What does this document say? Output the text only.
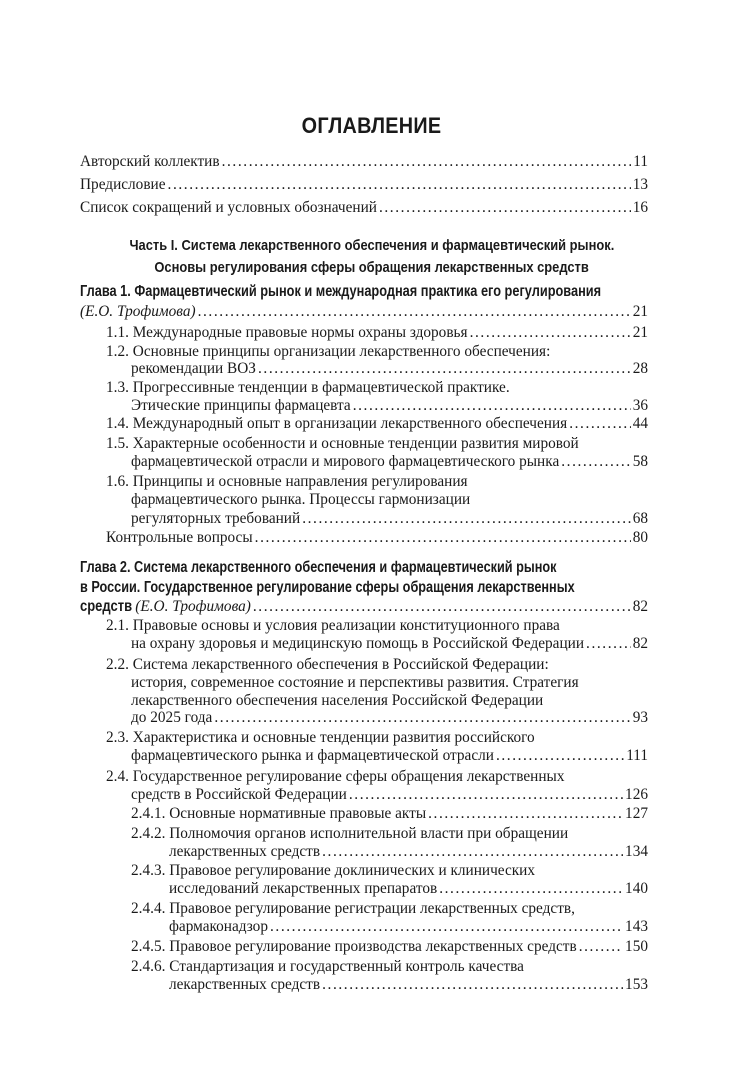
ОГЛАВЛЕНИЕ
Авторский коллектив .....	11
Предисловие .....	13
Список сокращений и условных обозначений .....	16
Часть I. Система лекарственного обеспечения и фармацевтический рынок.
Основы регулирования сферы обращения лекарственных средств
Глава 1. Фармацевтический рынок и международная практика его регулирования
(Е.О. Трофимова) .....	21
1.1. Международные правовые нормы охраны здоровья .....	21
1.2. Основные принципы организации лекарственного обеспечения:
рекомендации ВОЗ .....	28
1.3. Прогрессивные тенденции в фармацевтической практике.
Этические принципы фармацевта .....	36
1.4. Международный опыт в организации лекарственного обеспечения .....	44
1.5. Характерные особенности и основные тенденции развития мировой
фармацевтической отрасли и мирового фармацевтического рынка .....	58
1.6. Принципы и основные направления регулирования
фармацевтического рынка. Процессы гармонизации
регуляторных требований .....	68
Контрольные вопросы .....	80
Глава 2. Система лекарственного обеспечения и фармацевтический рынок
в России. Государственное регулирование сферы обращения лекарственных
средств (Е.О. Трофимова) .....	82
2.1. Правовые основы и условия реализации конституционного права
на охрану здоровья и медицинскую помощь в Российской Федерации .....	82
2.2. Система лекарственного обеспечения в Российской Федерации:
история, современное состояние и перспективы развития. Стратегия
лекарственного обеспечения населения Российской Федерации
до 2025 года .....	93
2.3. Характеристика и основные тенденции развития российского
фармацевтического рынка и фармацевтической отрасли .....	111
2.4. Государственное регулирование сферы обращения лекарственных
средств в Российской Федерации .....	126
2.4.1. Основные нормативные правовые акты .....	127
2.4.2. Полномочия органов исполнительной власти при обращении
лекарственных средств .....	134
2.4.3. Правовое регулирование доклинических и клинических
исследований лекарственных препаратов .....	140
2.4.4. Правовое регулирование регистрации лекарственных средств,
фармаконадзор .....	143
2.4.5. Правовое регулирование производства лекарственных средств .....	150
2.4.6. Стандартизация и государственный контроль качества
лекарственных средств .....	153
